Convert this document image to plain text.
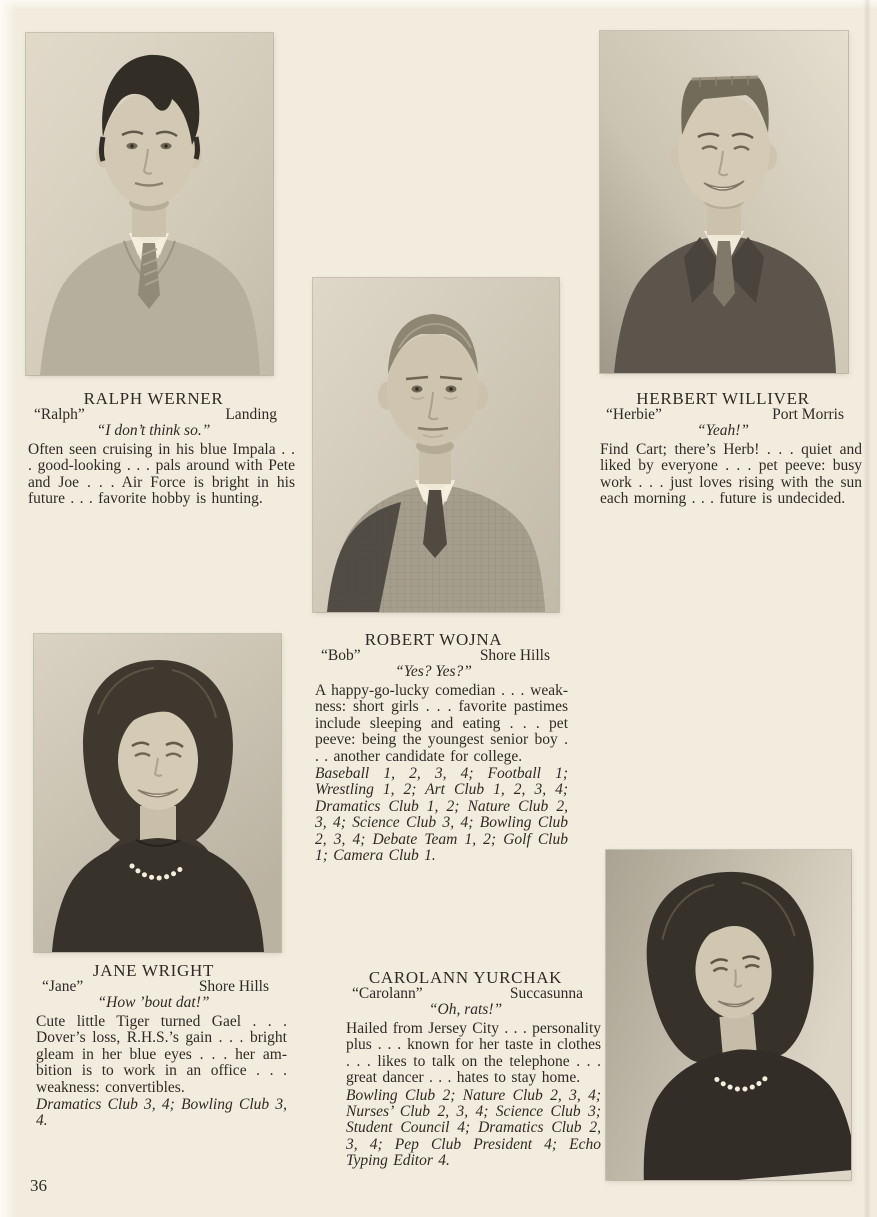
RALPH WERNER
“Ralph”	Landing
“I don’t think so.”
Often seen cruising in his blue Impala . . . good-looking . . . pals around with Pete and Joe . . . Air Force is bright in his future . . . favorite hobby is hunting.
HERBERT WILLIVER
“Herbie”	Port Morris
“Yeah!”
Find Cart; there’s Herb! . . . quiet and liked by everyone . . . pet peeve: busy work . . . just loves rising with the sun each morning . . . future is undecided.
ROBERT WOJNA
“Bob”	Shore Hills
“Yes? Yes?”
A happy-go-lucky comedian . . . weakness: short girls . . . favorite pastimes include sleeping and eating . . . pet peeve: being the youngest senior boy . . . another candidate for college.
Baseball 1, 2, 3, 4; Football 1; Wrestling 1, 2; Art Club 1, 2, 3, 4; Dramatics Club 1, 2; Nature Club 2, 3, 4; Science Club 3, 4; Bowling Club 2, 3, 4; Debate Team 1, 2; Golf Club 1; Camera Club 1.
JANE WRIGHT
“Jane”	Shore Hills
“How ’bout dat!”
Cute little Tiger turned Gael . . . Dover’s loss, R.H.S.’s gain . . . bright gleam in her blue eyes . . . her ambition is to work in an office . . . weakness: convertibles.
Dramatics Club 3, 4; Bowling Club 3, 4.
CAROLANN YURCHAK
“Carolann”	Succasunna
“Oh, rats!”
Hailed from Jersey City . . . personality plus . . . known for her taste in clothes . . . likes to talk on the telephone . . . great dancer . . . hates to stay home.
Bowling Club 2; Nature Club 2, 3, 4; Nurses’ Club 2, 3, 4; Science Club 3; Student Council 4; Dramatics Club 2, 3, 4; Pep Club President 4; Echo Typing Editor 4.
36
